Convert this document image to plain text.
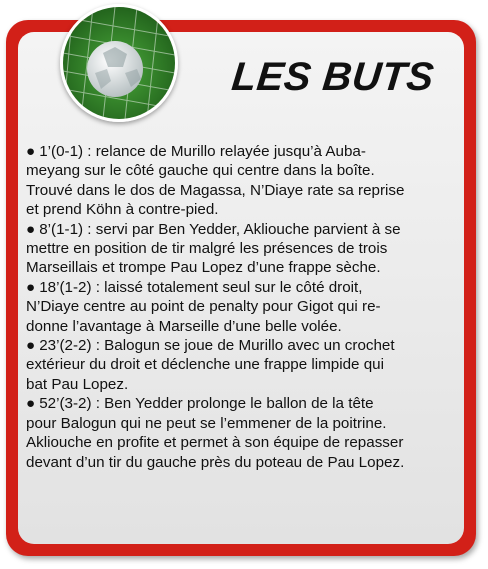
LES BUTS
● 1’(0-1) : relance de Murillo relayée jusqu’à Auba-
meyang sur le côté gauche qui centre dans la boîte.
Trouvé dans le dos de Magassa, N’Diaye rate sa reprise
et prend Köhn à contre-pied.
● 8’(1-1) : servi par Ben Yedder, Akliouche parvient à se
mettre en position de tir malgré les présences de trois
Marseillais et trompe Pau Lopez d’une frappe sèche.
● 18’(1-2) : laissé totalement seul sur le côté droit,
N’Diaye centre au point de penalty pour Gigot qui re-
donne l’avantage à Marseille d’une belle volée.
● 23’(2-2) : Balogun se joue de Murillo avec un crochet
extérieur du droit et déclenche une frappe limpide qui
bat Pau Lopez.
● 52’(3-2) : Ben Yedder prolonge le ballon de la tête
pour Balogun qui ne peut se l’emmener de la poitrine.
Akliouche en profite et permet à son équipe de repasser
devant d’un tir du gauche près du poteau de Pau Lopez.
